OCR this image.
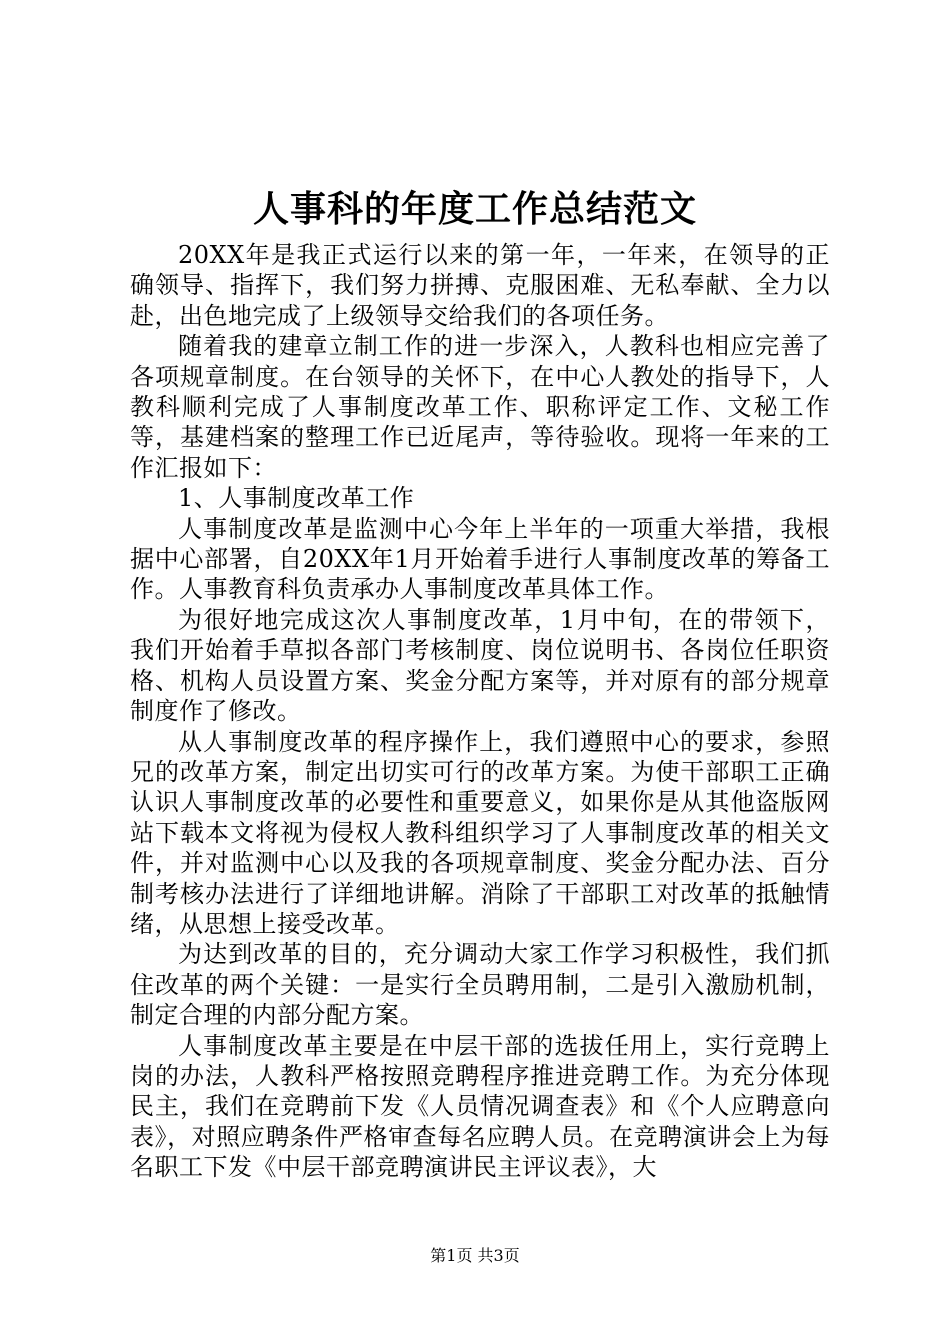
人事科的年度工作总结范文

20XX年是我正式运行以来的第一年，一年来，在领导的正确领导、指挥下，我们努力拼搏、克服困难、无私奉献、全力以赴，出色地完成了上级领导交给我们的各项任务。

随着我的建章立制工作的进一步深入，人教科也相应完善了各项规章制度。在台领导的关怀下，在中心人教处的指导下，人教科顺利完成了人事制度改革工作、职称评定工作、文秘工作等，基建档案的整理工作已近尾声，等待验收。现将一年来的工作汇报如下：

1、人事制度改革工作

人事制度改革是监测中心今年上半年的一项重大举措，我根据中心部署，自20XX年1月开始着手进行人事制度改革的筹备工作。人事教育科负责承办人事制度改革具体工作。

为很好地完成这次人事制度改革，1月中旬，在的带领下，我们开始着手草拟各部门考核制度、岗位说明书、各岗位任职资格、机构人员设置方案、奖金分配方案等，并对原有的部分规章制度作了修改。

从人事制度改革的程序操作上，我们遵照中心的要求，参照兄的改革方案，制定出切实可行的改革方案。为使干部职工正确认识人事制度改革的必要性和重要意义，如果你是从其他盗版网站下载本文将视为侵权人教科组织学习了人事制度改革的相关文件，并对监测中心以及我的各项规章制度、奖金分配办法、百分制考核办法进行了详细地讲解。消除了干部职工对改革的抵触情绪，从思想上接受改革。

为达到改革的目的，充分调动大家工作学习积极性，我们抓住改革的两个关键：一是实行全员聘用制，二是引入激励机制，制定合理的内部分配方案。

人事制度改革主要是在中层干部的选拔任用上，实行竞聘上岗的办法，人教科严格按照竞聘程序推进竞聘工作。为充分体现民主，我们在竞聘前下发《人员情况调查表》和《个人应聘意向表》，对照应聘条件严格审查每名应聘人员。在竞聘演讲会上为每名职工下发《中层干部竞聘演讲民主评议表》，大

第1页 共3页
